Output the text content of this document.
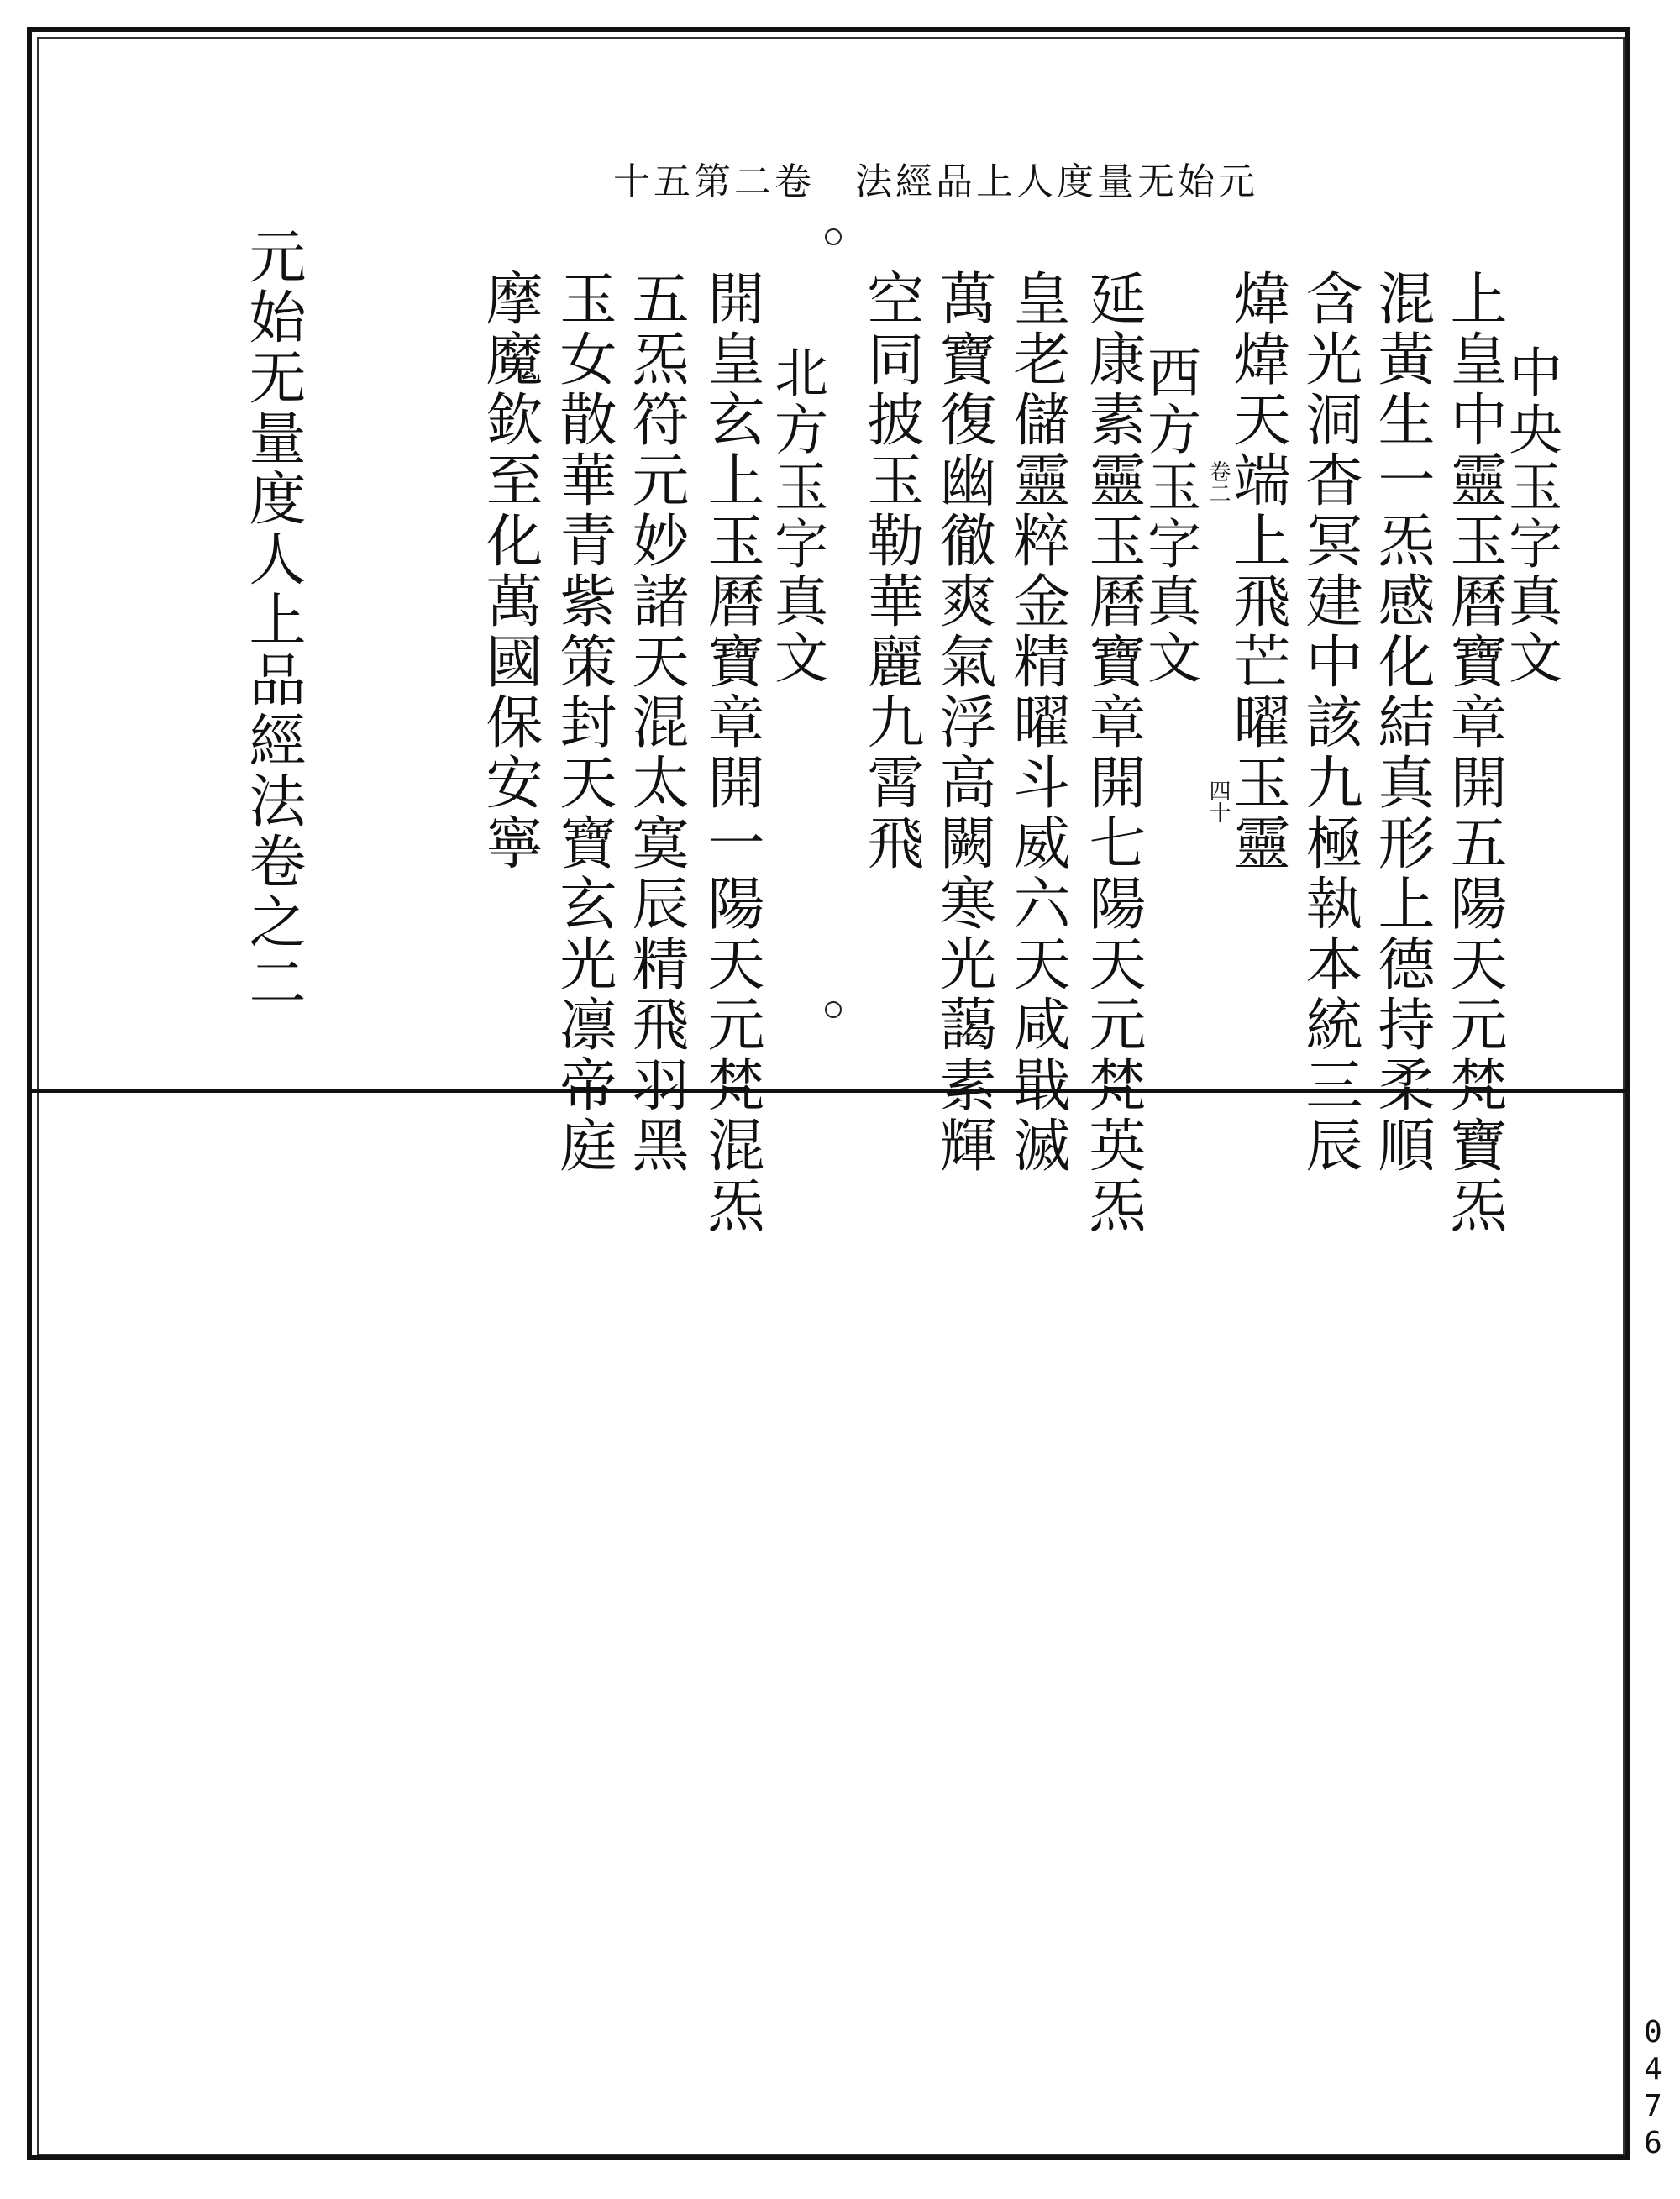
元始无量度人上品經法　卷二第五十
卷二
四十
中央玉字真文
上皇中靈玉曆寶章開五陽天元梵寶炁
混黃生一炁感化結真形上德持柔順
含光洞杳冥建中該九極執本統三辰
煒煒天端上飛芒曜玉靈
西方玉字真文
延康素靈玉曆寶章開七陽天元梵英炁
皇老儲靈粹金精曜斗威六天咸戢滅
萬寶復幽徹爽氣浮高闕寒光藹素輝
空同披玉勒華麗九霄飛
北方玉字真文
開皇玄上玉曆寶章開一陽天元梵混炁
五炁符元妙諸天混太寞辰精飛羽黑
玉女散華青紫策封天寶玄光凛帝庭
摩魔欽至化萬國保安寧
元始无量度人上品經法卷之二
0
4
7
6
